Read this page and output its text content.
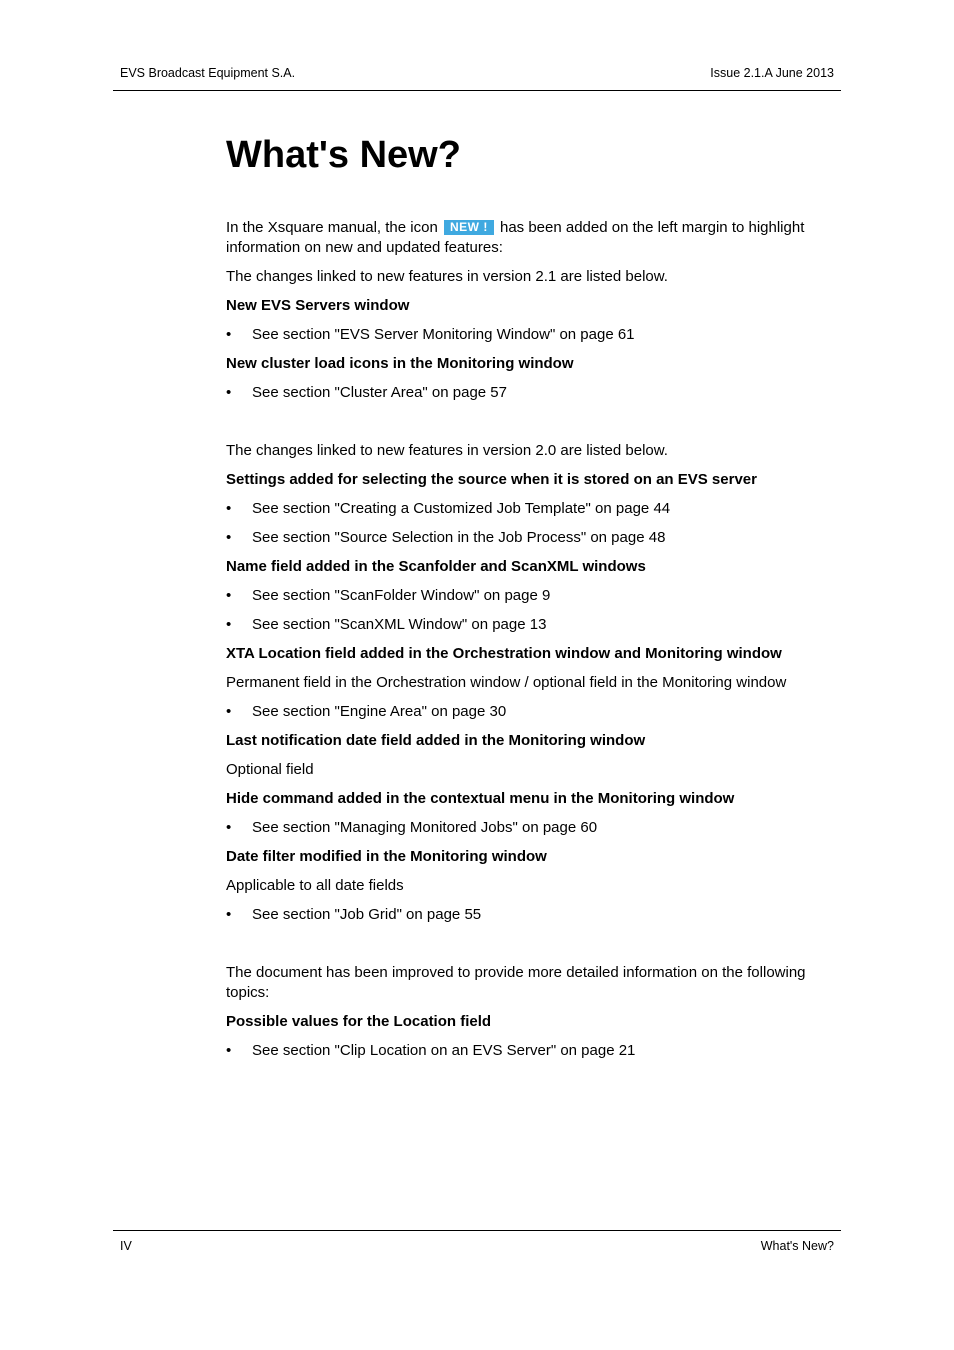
EVS Broadcast Equipment S.A.	Issue 2.1.A June 2013
What's New?

In the Xsquare manual, the icon NEW ! has been added on the left margin to highlight information on new and updated features:

The changes linked to new features in version 2.1 are listed below.

New EVS Servers window

• See section "EVS Server Monitoring Window" on page 61

New cluster load icons in the Monitoring window

• See section "Cluster Area" on page 57

The changes linked to new features in version 2.0 are listed below.

Settings added for selecting the source when it is stored on an EVS server

• See section "Creating a Customized Job Template" on page 44
• See section "Source Selection in the Job Process" on page 48

Name field added in the Scanfolder and ScanXML windows

• See section "ScanFolder Window" on page 9
• See section "ScanXML Window" on page 13

XTA Location field added in the Orchestration window and Monitoring window

Permanent field in the Orchestration window / optional field in the Monitoring window

• See section "Engine Area" on page 30

Last notification date field added in the Monitoring window

Optional field

Hide command added in the contextual menu in the Monitoring window

• See section "Managing Monitored Jobs" on page 60

Date filter modified in the Monitoring window

Applicable to all date fields

• See section "Job Grid" on page 55

The document has been improved to provide more detailed information on the following topics:

Possible values for the Location field

• See section "Clip Location on an EVS Server" on page 21
IV	What's New?
